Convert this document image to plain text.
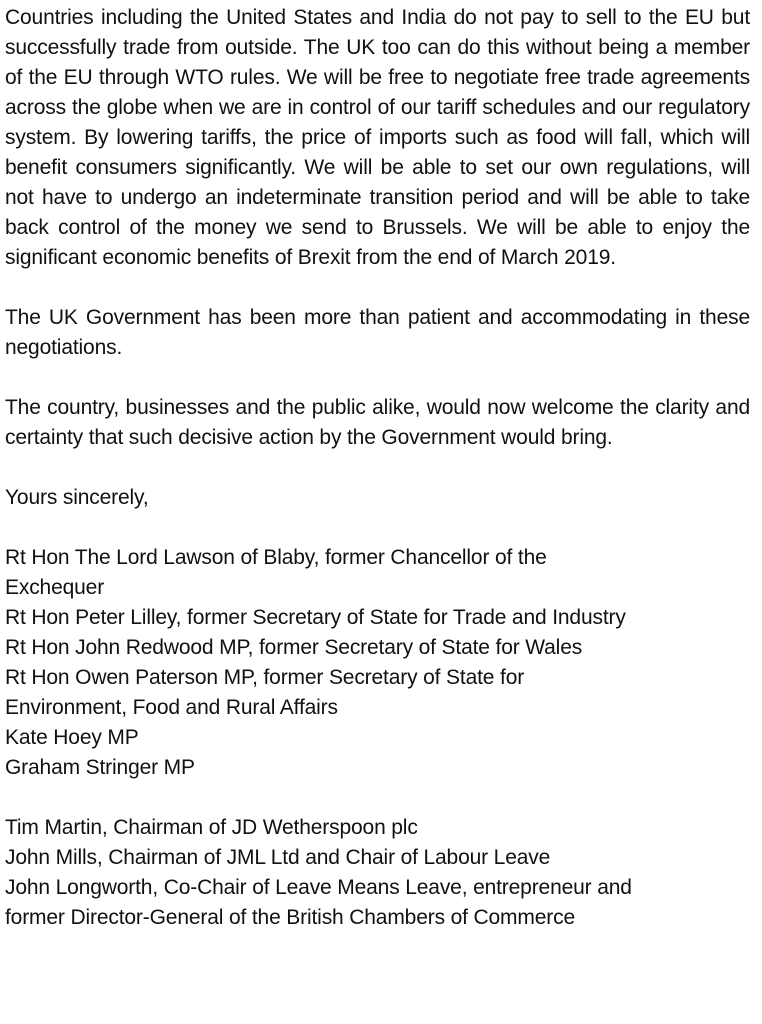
Countries including the United States and India do not pay to sell to the EU but successfully trade from outside. The UK too can do this without being a member of the EU through WTO rules. We will be free to negotiate free trade agreements across the globe when we are in control of our tariff schedules and our regulatory system. By lowering tariffs, the price of imports such as food will fall, which will benefit consumers significantly. We will be able to set our own regulations, will not have to undergo an indeterminate transition period and will be able to take back control of the money we send to Brussels. We will be able to enjoy the significant economic benefits of Brexit from the end of March 2019.

The UK Government has been more than patient and accommodating in these negotiations.

The country, businesses and the public alike, would now welcome the clarity and certainty that such decisive action by the Government would bring.

Yours sincerely,

Rt Hon The Lord Lawson of Blaby, former Chancellor of the
Exchequer
Rt Hon Peter Lilley, former Secretary of State for Trade and Industry
Rt Hon John Redwood MP, former Secretary of State for Wales
Rt Hon Owen Paterson MP, former Secretary of State for
Environment, Food and Rural Affairs
Kate Hoey MP
Graham Stringer MP
Tim Martin, Chairman of JD Wetherspoon plc
John Mills, Chairman of JML Ltd and Chair of Labour Leave
John Longworth, Co-Chair of Leave Means Leave, entrepreneur and
former Director-General of the British Chambers of Commerce
